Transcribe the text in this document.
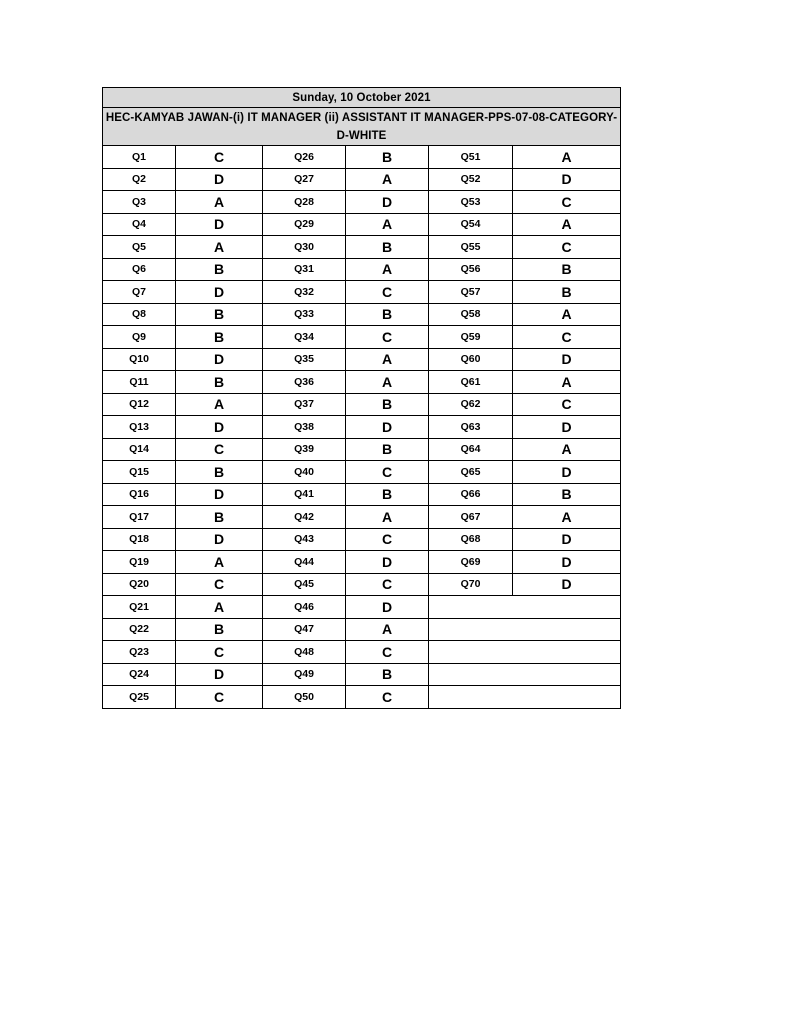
Sunday, 10 October 2021					
HEC-KAMYAB JAWAN-(i) IT MANAGER (ii) ASSISTANT IT MANAGER-PPS-07-08-CATEGORY-D-WHITE					
Q1	C	Q26	B	Q51	A
Q2	D	Q27	A	Q52	D
Q3	A	Q28	D	Q53	C
Q4	D	Q29	A	Q54	A
Q5	A	Q30	B	Q55	C
Q6	B	Q31	A	Q56	B
Q7	D	Q32	C	Q57	B
Q8	B	Q33	B	Q58	A
Q9	B	Q34	C	Q59	C
Q10	D	Q35	A	Q60	D
Q11	B	Q36	A	Q61	A
Q12	A	Q37	B	Q62	C
Q13	D	Q38	D	Q63	D
Q14	C	Q39	B	Q64	A
Q15	B	Q40	C	Q65	D
Q16	D	Q41	B	Q66	B
Q17	B	Q42	A	Q67	A
Q18	D	Q43	C	Q68	D
Q19	A	Q44	D	Q69	D
Q20	C	Q45	C	Q70	D
Q21	A	Q46	D		
Q22	B	Q47	A		
Q23	C	Q48	C		
Q24	D	Q49	B		
Q25	C	Q50	C		
